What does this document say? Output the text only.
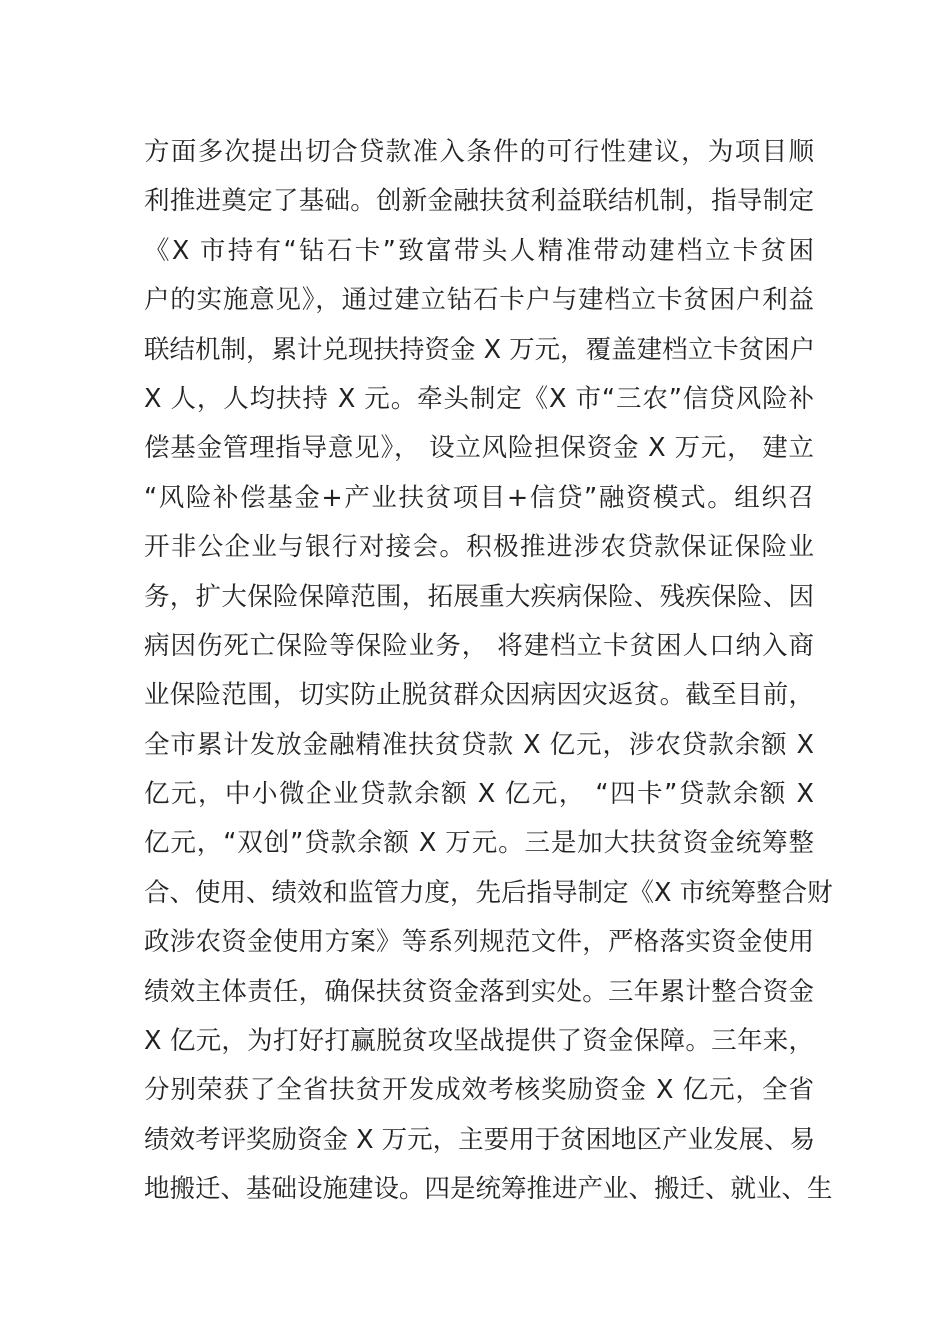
方面多次提出切合贷款准入条件的可行性建议，为项目顺
利推进奠定了基础。创新金融扶贫利益联结机制，指导制定
《X 市持有“钻石卡”致富带头人精准带动建档立卡贫困
户的实施意见》，通过建立钻石卡户与建档立卡贫困户利益
联结机制，累计兑现扶持资金 X 万元，覆盖建档立卡贫困户
X 人，人均扶持 X 元。牵头制定《X 市“三农”信贷风险补
偿基金管理指导意见》， 设立风险担保资金 X 万元， 建立
“风险补偿基金+产业扶贫项目+信贷”融资模式。组织召
开非公企业与银行对接会。积极推进涉农贷款保证保险业
务，扩大保险保障范围，拓展重大疾病保险、残疾保险、因
病因伤死亡保险等保险业务， 将建档立卡贫困人口纳入商
业保险范围，切实防止脱贫群众因病因灾返贫。截至目前，
全市累计发放金融精准扶贫贷款 X 亿元，涉农贷款余额 X
亿元，中小微企业贷款余额 X 亿元， “四卡”贷款余额 X
亿元，“双创”贷款余额 X 万元。三是加大扶贫资金统筹整
合、使用、绩效和监管力度，先后指导制定《X 市统筹整合财
政涉农资金使用方案》等系列规范文件，严格落实资金使用
绩效主体责任，确保扶贫资金落到实处。三年累计整合资金
X 亿元，为打好打赢脱贫攻坚战提供了资金保障。三年来，
分别荣获了全省扶贫开发成效考核奖励资金 X 亿元，全省
绩效考评奖励资金 X 万元，主要用于贫困地区产业发展、易
地搬迁、基础设施建设。四是统筹推进产业、搬迁、就业、生
